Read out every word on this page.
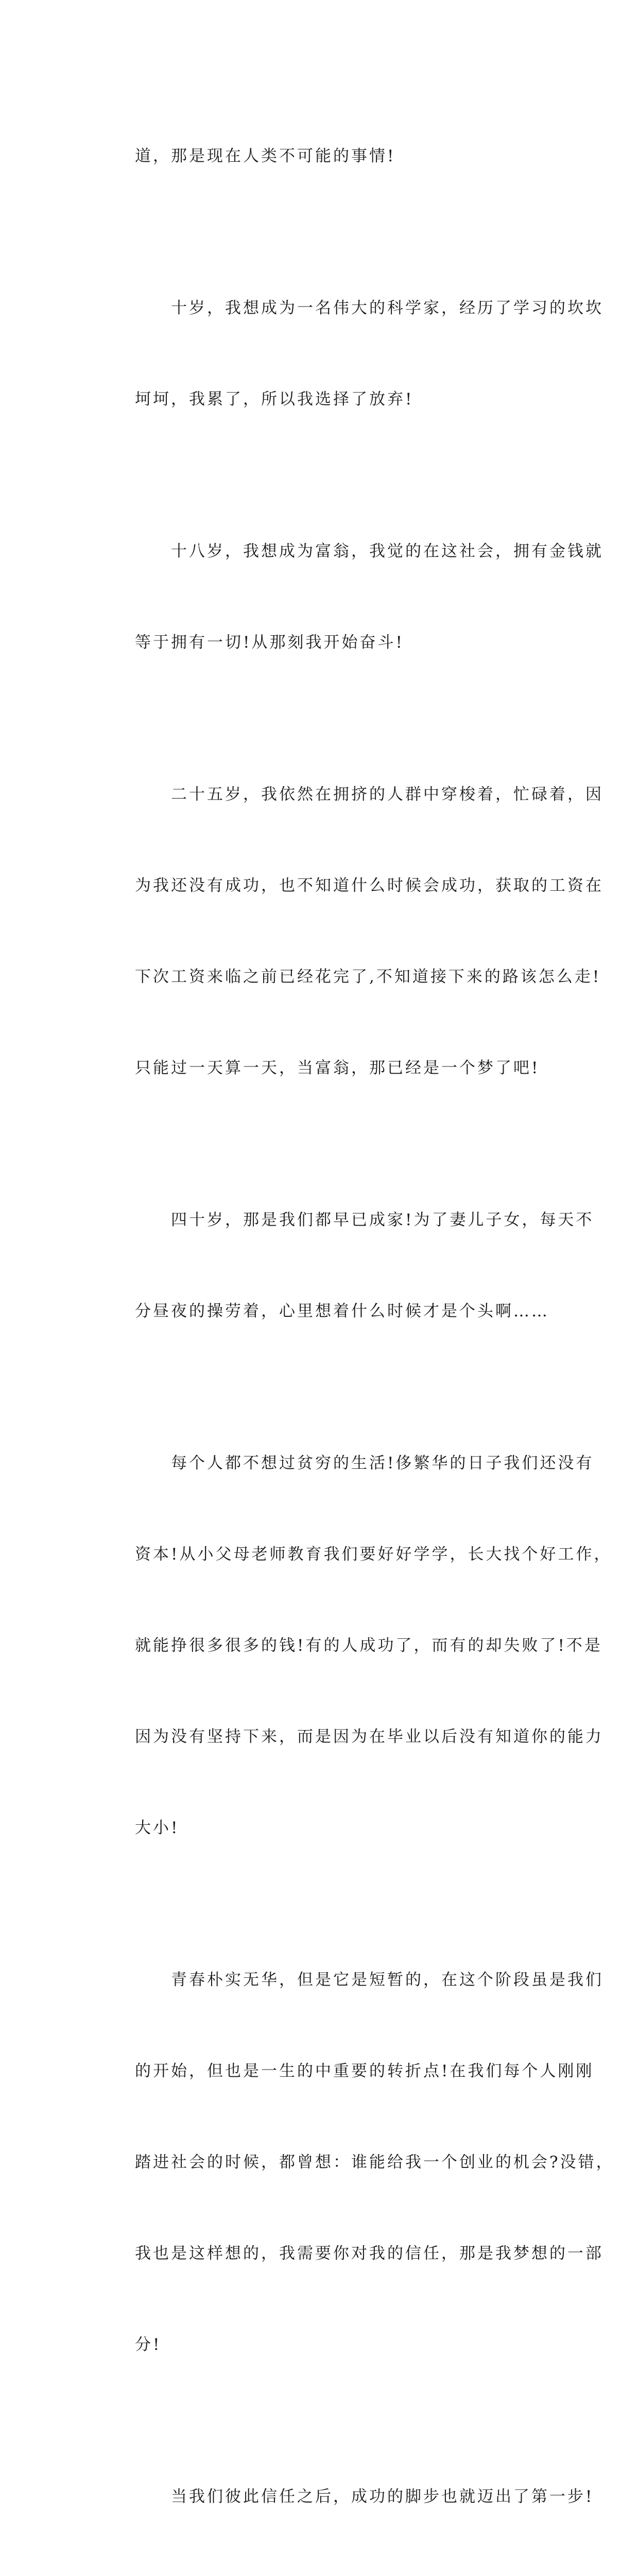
道，那是现在人类不可能的事情!

十岁，我想成为一名伟大的科学家，经历了学习的坎坎

坷坷，我累了，所以我选择了放弃!

十八岁，我想成为富翁，我觉的在这社会，拥有金钱就

等于拥有一切!从那刻我开始奋斗!

二十五岁，我依然在拥挤的人群中穿梭着，忙碌着，因

为我还没有成功，也不知道什么时候会成功，获取的工资在

下次工资来临之前已经花完了,不知道接下来的路该怎么走!

只能过一天算一天，当富翁，那已经是一个梦了吧!

四十岁，那是我们都早已成家!为了妻儿子女，每天不

分昼夜的操劳着，心里想着什么时候才是个头啊……

每个人都不想过贫穷的生活!侈繁华的日子我们还没有

资本!从小父母老师教育我们要好好学学，长大找个好工作，

就能挣很多很多的钱!有的人成功了，而有的却失败了!不是

因为没有坚持下来，而是因为在毕业以后没有知道你的能力

大小!

青春朴实无华，但是它是短暂的，在这个阶段虽是我们

的开始，但也是一生的中重要的转折点!在我们每个人刚刚

踏进社会的时候，都曾想：谁能给我一个创业的机会?没错，

我也是这样想的，我需要你对我的信任，那是我梦想的一部

分!

当我们彼此信任之后，成功的脚步也就迈出了第一步!
